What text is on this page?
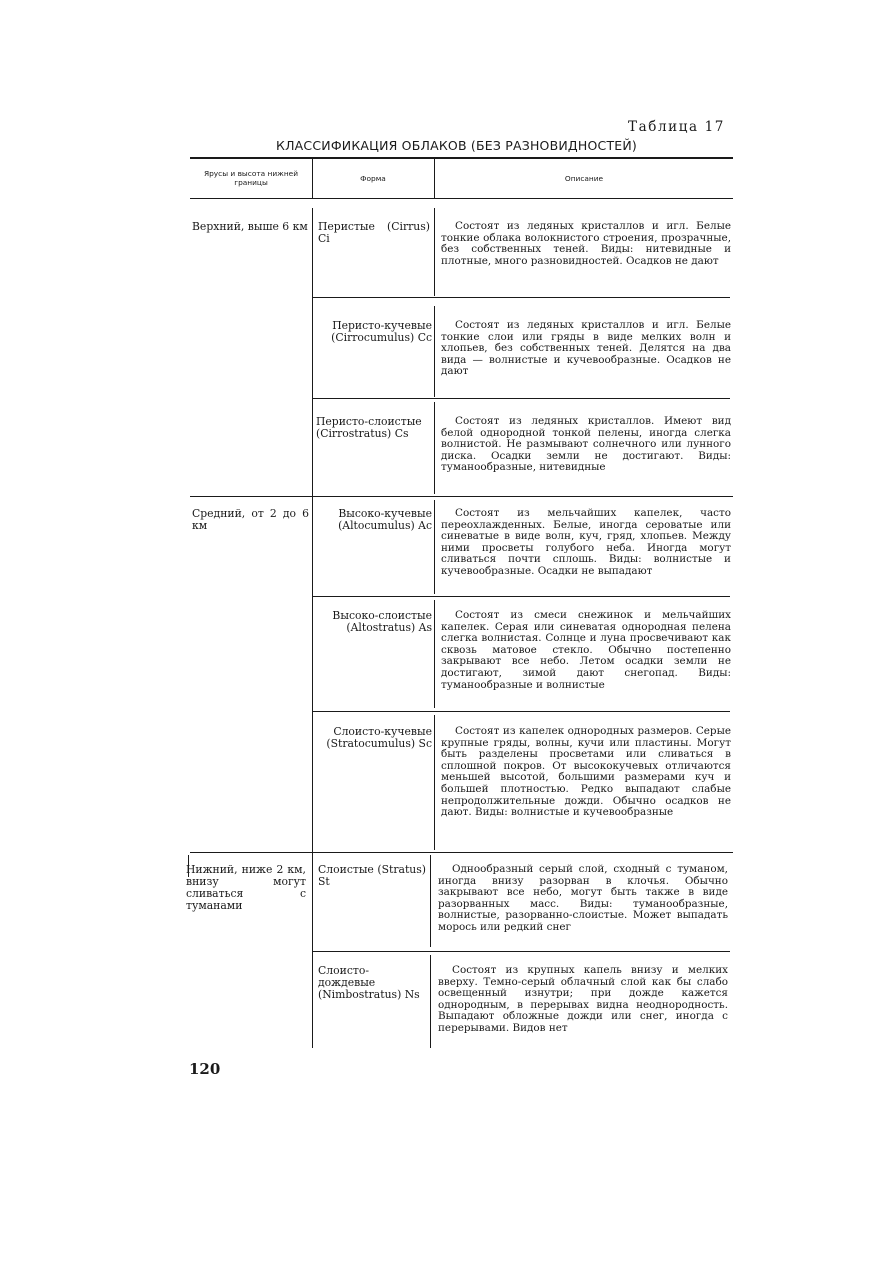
Таблица 17
КЛАССИФИКАЦИЯ ОБЛАКОВ (БЕЗ РАЗНОВИДНОСТЕЙ)
Ярусы и высота нижней границы	Форма	Описание
Верхний, выше 6 км
Средний, от 2 до 6 км
Нижний, ниже 2 км, внизу могут сливаться с туманами
Перистые (Cirrus) Ci
Состоят из ледяных кристаллов и игл. Белые тонкие облака волокнистого строения, прозрачные, без собственных теней. Виды: нитевидные и плотные, много разновидностей. Осадков не дают
Перисто-кучевые (Cirrocumulus) Cc
Состоят из ледяных кристаллов и игл. Белые тонкие слои или гряды в виде мелких волн и хлопьев, без собственных теней. Делятся на два вида — волнистые и кучевообразные. Осадков не дают
Перисто-слоистые (Cirrostratus) Cs
Состоят из ледяных кристаллов. Имеют вид белой однородной тонкой пелены, иногда слегка волнистой. Не размывают солнечного или лунного диска. Осадки земли не достигают. Виды: туманообразные, нитевидные
Высоко-кучевые (Altocumulus) Ac
Состоят из мельчайших капелек, часто переохлажденных. Белые, иногда сероватые или синеватые в виде волн, куч, гряд, хлопьев. Между ними просветы голубого неба. Иногда могут сливаться почти сплошь. Виды: волнистые и кучевообразные. Осадки не выпадают
Высоко-слоистые (Altostratus) As
Состоят из смеси снежинок и мельчайших капелек. Серая или синеватая однородная пелена слегка волнистая. Солнце и луна просвечивают как сквозь матовое стекло. Обычно постепенно закрывают все небо. Летом осадки земли не достигают, зимой дают снегопад. Виды: туманообразные и волнистые
Слоисто-кучевые (Stratocumulus) Sc
Состоят из капелек однородных размеров. Серые крупные гряды, волны, кучи или пластины. Могут быть разделены просветами или сливаться в сплошной покров. От высококучевых отличаются меньшей высотой, большими размерами куч и большей плотностью. Редко выпадают слабые непродолжительные дожди. Обычно осадков не дают. Виды: волнистые и кучевообразные
Слоистые (Stratus) St
Однообразный серый слой, сходный с туманом, иногда внизу разорван в клочья. Обычно закрывают все небо, могут быть также в виде разорванных масс. Виды: туманообразные, волнистые, разорванно-слоистые. Может выпадать морось или редкий снег
Слоисто-дождевые (Nimbostratus) Ns
Состоят из крупных капель внизу и мелких вверху. Темно-серый облачный слой как бы слабо освещенный изнутри; при дожде кажется однородным, в перерывах видна неоднородность. Выпадают обложные дожди или снег, иногда с перерывами. Видов нет
120
